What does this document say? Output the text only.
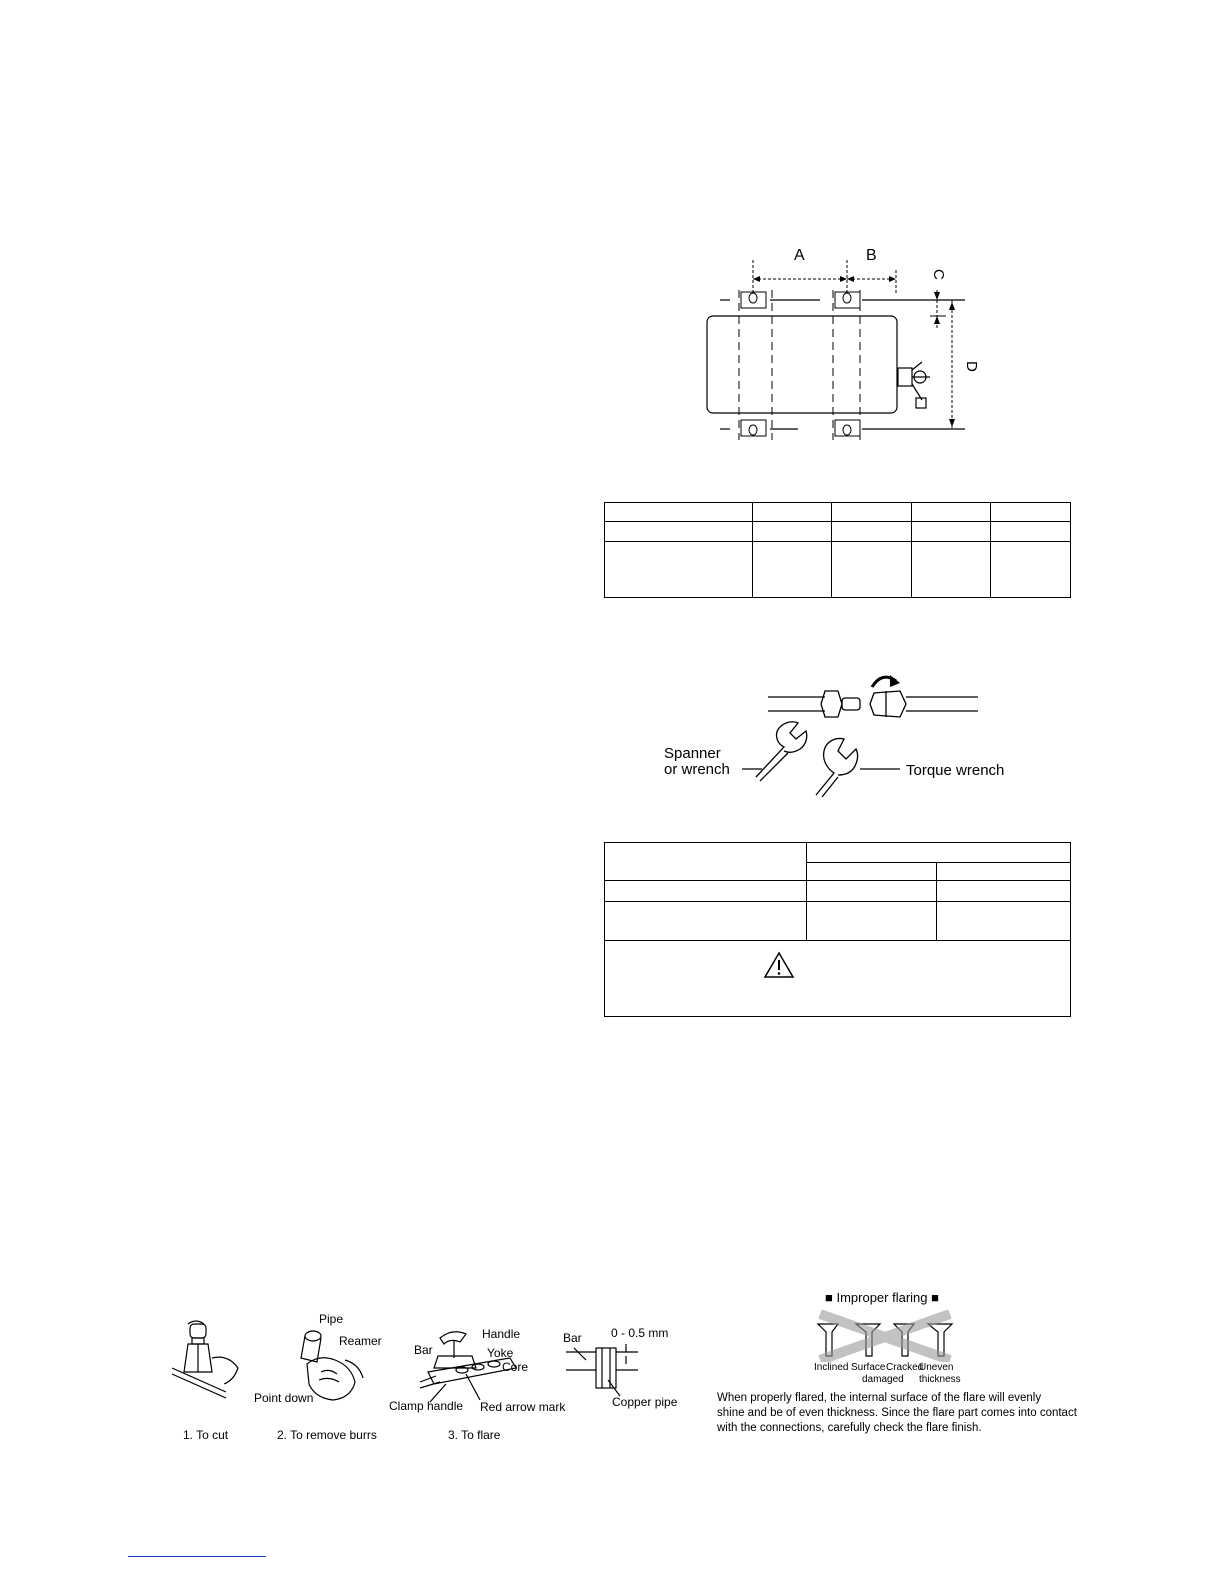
A	B
C
D

Spanner
or wrench	Torque wrench

1. To cut
Pipe
Reamer
Point down
2. To remove burrs
Handle
Bar	Yoke
Core
Clamp handle Red arrow mark
3. To flare
Bar 0 - 0.5 mm
Copper pipe
■ Improper flaring ■
Inclined Surface
damaged
Cracked
Uneven
thickness
When properly flared, the internal surface of the flare will evenly
shine and be of even thickness. Since the flare part comes into contact
with the connections, carefully check the flare finish.
